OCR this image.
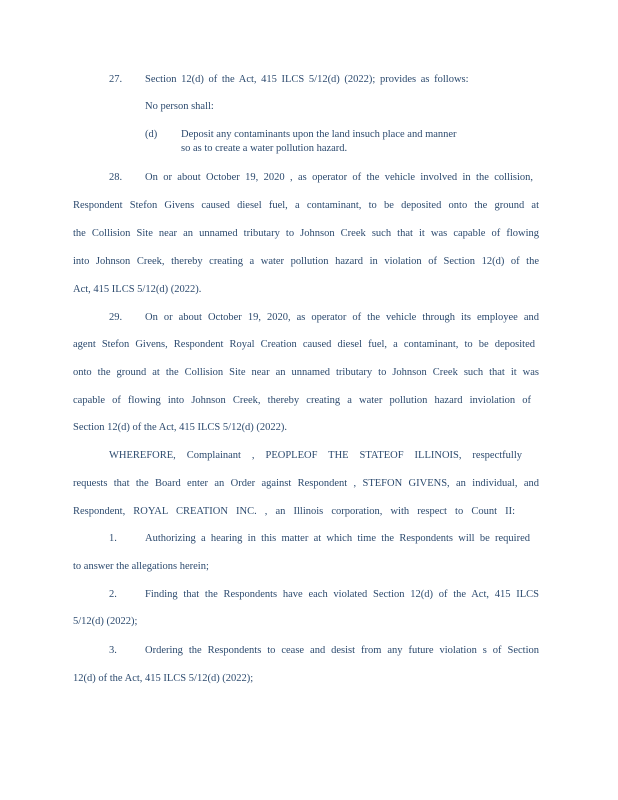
27. Section 12(d) of the Act, 415 ILCS 5/12(d) (2022); provides as follows:
No person shall:
(d) Deposit any contaminants upon the land insuch place and manner
so as to create a water pollution hazard.
28. On or about October 19, 2020 , as operator of the vehicle involved in the collision,
Respondent Stefon Givens caused diesel fuel, a contaminant, to be deposited onto the ground at
the Collision Site near an unnamed tributary to Johnson Creek such that it was capable of flowing
into Johnson Creek, thereby creating a water pollution hazard in violation of Section 12(d) of the
Act, 415 ILCS 5/12(d) (2022).
29. On or about October 19, 2020, as operator of the vehicle through its employee and
agent Stefon Givens, Respondent Royal Creation caused diesel fuel, a contaminant, to be deposited
onto the ground at the Collision Site near an unnamed tributary to Johnson Creek such that it was
capable of flowing into Johnson Creek, thereby creating a water pollution hazard inviolation of
Section 12(d) of the Act, 415 ILCS 5/12(d) (2022).
WHEREFORE, Complainant , PEOPLEOF THE STATEOF ILLINOIS, respectfully
requests that the Board enter an Order against Respondent , STEFON GIVENS, an individual, and
Respondent, ROYAL CREATION INC. , an Illinois corporation, with respect to Count II:
1.	Authorizing a hearing in this matter at which time the Respondents will be required
to answer the allegations herein;
2.	Finding that the Respondents have each violated Section 12(d) of the Act, 415 ILCS
5/12(d) (2022);
3.	Ordering the Respondents to cease and desist from any future violation s of Section
12(d) of the Act, 415 ILCS 5/12(d) (2022);
